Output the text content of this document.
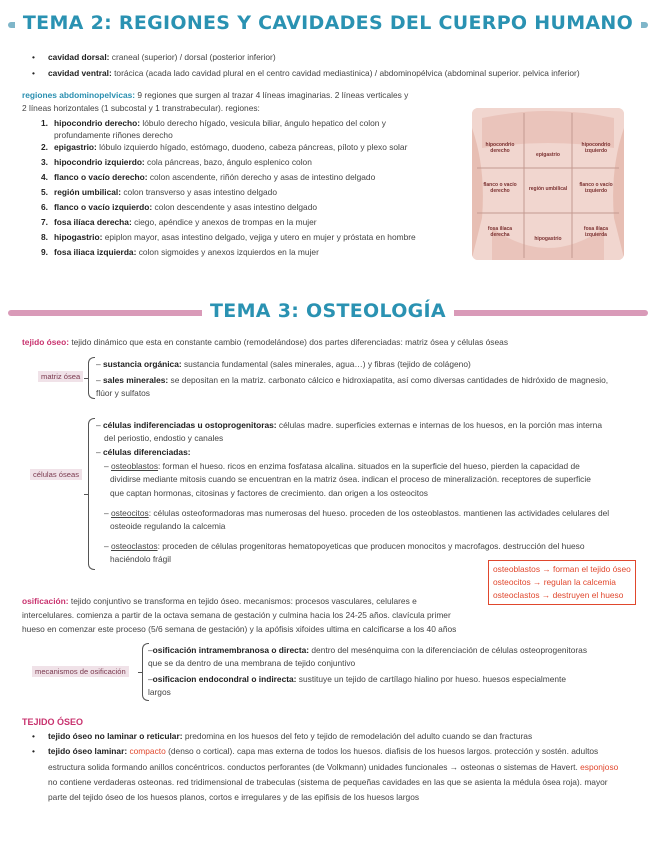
TEMA 2: REGIONES Y CAVIDADES DEL CUERPO HUMANO
• cavidad dorsal: craneal (superior) / dorsal (posterior inferior)
• cavidad ventral: torácica (acada lado cavidad plural en el centro cavidad mediastinica) / abdominopélvica (abdominal superior. pelvica inferior)
regiones abdominopelvicas: 9 regiones que surgen al trazar 4 líneas imaginarias. 2 líneas verticales y
2 líneas horizontales (1 subcostal y 1 transtrabecular). regiones:
1. hipocondrio derecho: lóbulo derecho hígado, vesicula biliar, ángulo hepatico del colon y
profundamente riñones derecho
2. epigastrio: lóbulo izquierdo hígado, estómago, duodeno, cabeza páncreas, píloto y plexo solar
3. hipocondrio izquierdo: cola páncreas, bazo, ángulo esplenico colon
4. flanco o vacío derecho: colon ascendente, riñón derecho y asas de intestino delgado
5. región umbilical: colon transverso y asas intestino delgado
6. flanco o vacío izquierdo: colon descendente y asas intestino delgado
7. fosa ilíaca derecha: ciego, apéndice y anexos de trompas en la mujer
8. hipogastrio: epiplon mayor, asas intestino delgado, vejiga y utero en mujer y próstata en hombre
9. fosa iliaca izquierda: colon sigmoides y anexos izquierdos en la mujer
hipocondrio derecho
epigastrio
hipocondrio izquierdo
flanco o vacío derecho	región umbilical
flanco o vacío izquierdo
fosa ilíaca derecha
hipogastrio
fosa ilíaca izquierda
TEMA 3: OSTEOLOGÍA
tejido óseo: tejido dinámico que esta en constante cambio (remodelándose) dos partes diferenciadas: matriz ósea y células óseas
matriz ósea
– sustancia orgánica: sustancia fundamental (sales minerales, agua…) y fibras (tejido de colágeno)
– sales minerales: se depositan en la matriz. carbonato cálcico e hidroxiapatita, así como diversas cantidades de hidróxido de magnesio,
flúor y sulfatos
células óseas
– células indiferenciadas u ostoprogenitoras: células madre. superficies externas e internas de los huesos, en la porción mas interna
del periostio, endostio y canales
– células diferenciadas:
– osteoblastos: forman el hueso. ricos en enzima fosfatasa alcalina. situados en la superficie del hueso, pierden la capacidad de
dividirse mediante mitosis cuando se encuentran en la matriz ósea. indican el proceso de mineralización. receptores de superficie
que captan hormonas, citosinas y factores de crecimiento. dan origen a los osteocitos
– osteocitos: células osteoformadoras mas numerosas del hueso. proceden de los osteoblastos. mantienen las actividades celulares del
osteoide regulando la calcemia
– osteoclastos: proceden de células progenitoras hematopoyeticas que producen monocitos y macrofagos. destrucción del hueso
haciéndolo frágil
osteoblastos → forman el tejido óseo
osteocitos → regulan la calcemia
osteoclastos → destruyen el hueso
osificación: tejido conjuntivo se transforma en tejido óseo. mecanismos: procesos vasculares, celulares e
intercelulares. comienza a partir de la octava semana de gestación y culmina hacia los 24-25 años. clavícula primer
hueso en comenzar este proceso (5/6 semana de gestación) y la apófisis xifoides ultima en calcificarse a los 40 años
mecanismos de osificación
–osificación intramembranosa o directa: dentro del mesénquima con la diferenciación de células osteoprogenitoras
que se da dentro de una membrana de tejido conjuntivo
–osificacion endocondral o indirecta: sustituye un tejido de cartílago hialino por hueso. huesos especialmente
largos
TEJIDO ÓSEO
• tejido óseo no laminar o reticular: predomina en los huesos del feto y tejido de remodelación del adulto cuando se dan fracturas
• tejido óseo laminar: compacto (denso o cortical). capa mas externa de todos los huesos. diafisis de los huesos largos. protección y sostén. adultos
estructura solida formando anillos concéntricos. conductos perforantes (de Volkmann) unidades funcionales → osteonas o sistemas de Havert. esponjoso
no contiene verdaderas osteonas. red tridimensional de trabeculas (sistema de pequeñas cavidades en las que se asienta la médula ósea roja). mayor
parte del tejido óseo de los huesos planos, cortos e irregulares y de las epifisis de los huesos largos
